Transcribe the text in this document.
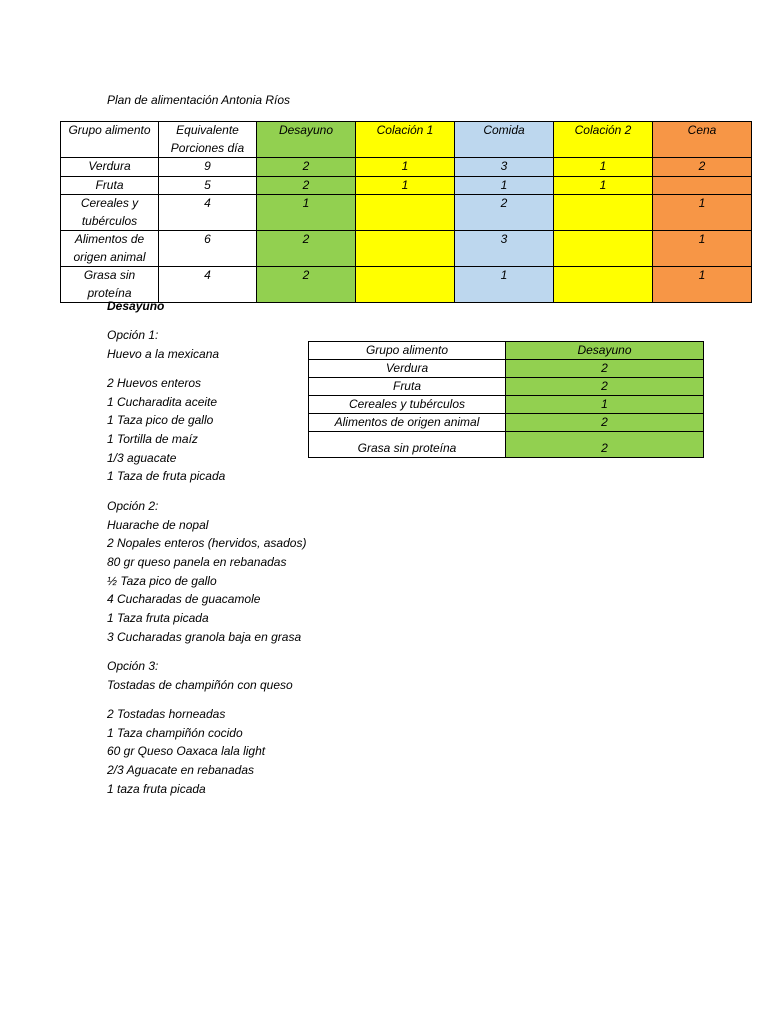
Plan de alimentación Antonia Ríos
Grupo alimento	Equivalente Porciones día	Desayuno	Colación 1	Comida	Colación 2	Cena
Verdura	9	2	1	3	1	2
Fruta	5	2	1	1	1	
Cereales y tubérculos	4	1		2		1
Alimentos de origen animal	6	2		3		1
Grasa sin proteína	4	2		1		1
Desayuno
Grupo alimento	Desayuno
Verdura	2
Fruta	2
Cereales y tubérculos	1
Alimentos de origen animal	2
Grasa sin proteína	2
Opción 1:
Huevo a la mexicana
2 Huevos enteros
1 Cucharadita aceite
1 Taza pico de gallo
1 Tortilla de maíz
1/3 aguacate
1 Taza de fruta picada
Opción 2:
Huarache de nopal
2 Nopales enteros (hervidos, asados)
80 gr queso panela en rebanadas
½ Taza pico de gallo
4 Cucharadas de guacamole
1 Taza fruta picada
3 Cucharadas granola baja en grasa
Opción 3:
Tostadas de champiñón con queso
2 Tostadas horneadas
1 Taza champiñón cocido
60 gr Queso Oaxaca lala light
2/3 Aguacate en rebanadas
1 taza fruta picada
